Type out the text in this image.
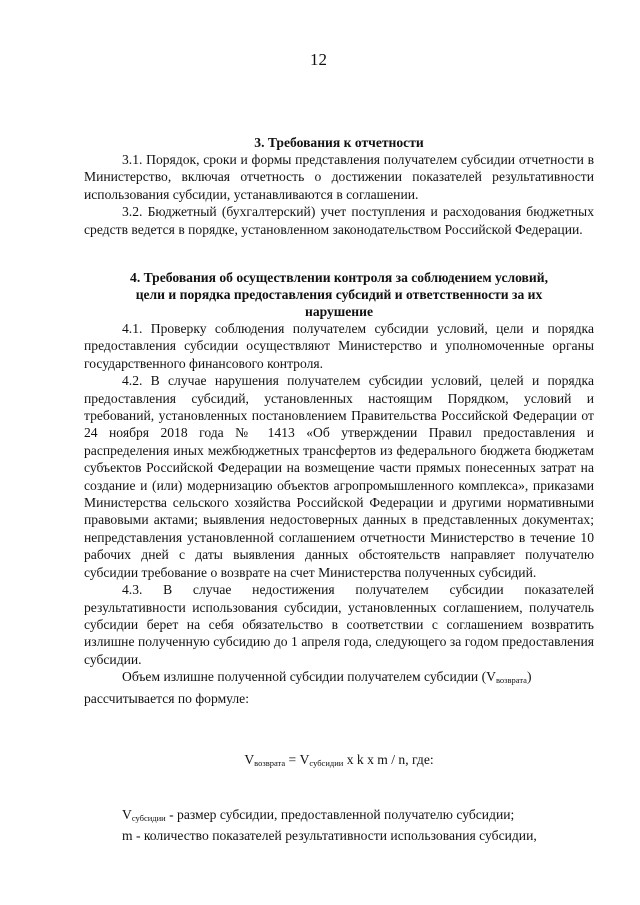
12
3. Требования к отчетности

3.1. Порядок, сроки и формы представления получателем субсидии отчетности в Министерство, включая отчетность о достижении показателей результативности использования субсидии, устанавливаются в соглашении.

3.2. Бюджетный (бухгалтерский) учет поступления и расходования бюджетных средств ведется в порядке, установленном законодательством Российской Федерации.

4. Требования об осуществлении контроля за соблюдением условий,
цели и порядка предоставления субсидий и ответственности за их
нарушение

4.1. Проверку соблюдения получателем субсидии условий, цели и порядка предоставления субсидии осуществляют Министерство и уполномоченные органы государственного финансового контроля.

4.2. В случае нарушения получателем субсидии условий, целей и порядка предоставления субсидий, установленных настоящим Порядком, условий и требований, установленных постановлением Правительства Российской Федерации от 24 ноября 2018 года № 1413 «Об утверждении Правил предоставления и распределения иных межбюджетных трансфертов из федерального бюджета бюджетам субъектов Российской Федерации на возмещение части прямых понесенных затрат на создание и (или) модернизацию объектов агропромышленного комплекса», приказами Министерства сельского хозяйства Российской Федерации и другими нормативными правовыми актами; выявления недостоверных данных в представленных документах; непредставления установленной соглашением отчетности Министерство в течение 10 рабочих дней с даты выявления данных обстоятельств направляет получателю субсидии требование о возврате на счет Министерства полученных субсидий.

4.3. В случае недостижения получателем субсидии показателей результативности использования субсидии, установленных соглашением, получатель субсидии берет на себя обязательство в соответствии с соглашением возвратить излишне полученную субсидию до 1 апреля года, следующего за годом предоставления субсидии.

Объем излишне полученной субсидии получателем субсидии $(V_{возврата})$

рассчитывается по формуле:

$V_{возврата} = V_{субсидии}$ x k x m / n, где:

$V_{субсидии}$ - размер субсидии, предоставленной получателю субсидии;

m - количество показателей результативности использования субсидии,
